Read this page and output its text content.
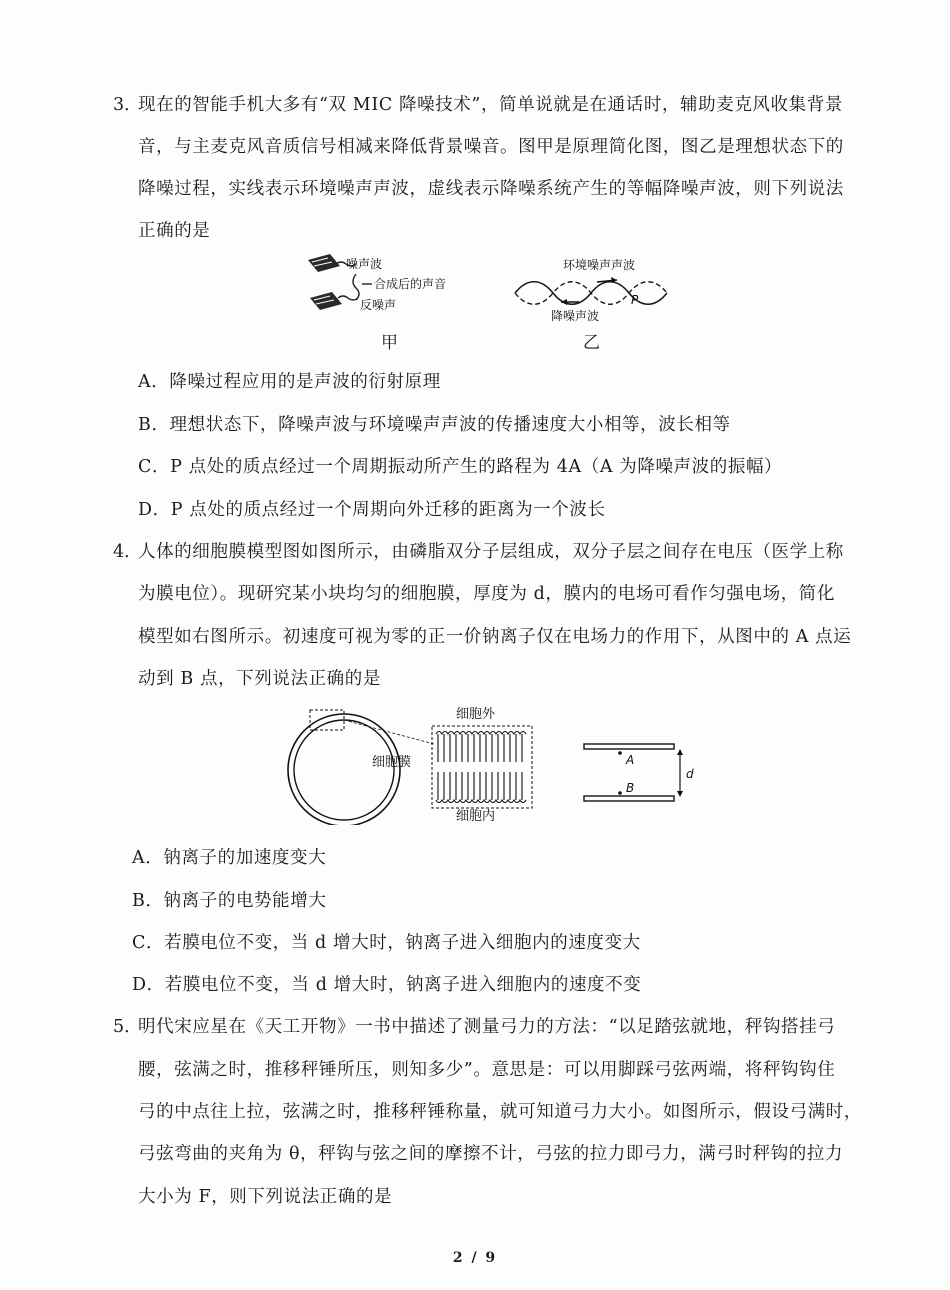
3．
现在的智能手机大多有“双 MIC 降噪技术”，简单说就是在通话时，辅助麦克风收集背景
音，与主麦克风音质信号相减来降低背景噪音。图甲是原理简化图，图乙是理想状态下的
降噪过程，实线表示环境噪声声波，虚线表示降噪系统产生的等幅降噪声波，则下列说法
正确的是
噪声波
合成后的声音
反噪声
甲
环境噪声声波
P
降噪声波
乙
A．降噪过程应用的是声波的衍射原理
B．理想状态下，降噪声波与环境噪声声波的传播速度大小相等，波长相等
C．P 点处的质点经过一个周期振动所产生的路程为 4A（A 为降噪声波的振幅）
D．P 点处的质点经过一个周期向外迁移的距离为一个波长
4．
人体的细胞膜模型图如图所示，由磷脂双分子层组成，双分子层之间存在电压（医学上称
为膜电位）。现研究某小块均匀的细胞膜，厚度为 d，膜内的电场可看作匀强电场，简化
模型如右图所示。初速度可视为零的正一价钠离子仅在电场力的作用下，从图中的 A 点运
动到 B 点，下列说法正确的是
细胞外
细胞膜
细胞内
A
B
d
A．钠离子的加速度变大
B．钠离子的电势能增大
C．若膜电位不变，当 d 增大时，钠离子进入细胞内的速度变大
D．若膜电位不变，当 d 增大时，钠离子进入细胞内的速度不变
5．
明代宋应星在《天工开物》一书中描述了测量弓力的方法：“以足踏弦就地，秤钩搭挂弓
腰，弦满之时，推移秤锤所压，则知多少”。意思是：可以用脚踩弓弦两端，将秤钩钩住
弓的中点往上拉，弦满之时，推移秤锤称量，就可知道弓力大小。如图所示，假设弓满时，
弓弦弯曲的夹角为 θ，秤钩与弦之间的摩擦不计，弓弦的拉力即弓力，满弓时秤钩的拉力
大小为 F，则下列说法正确的是
2 / 9
